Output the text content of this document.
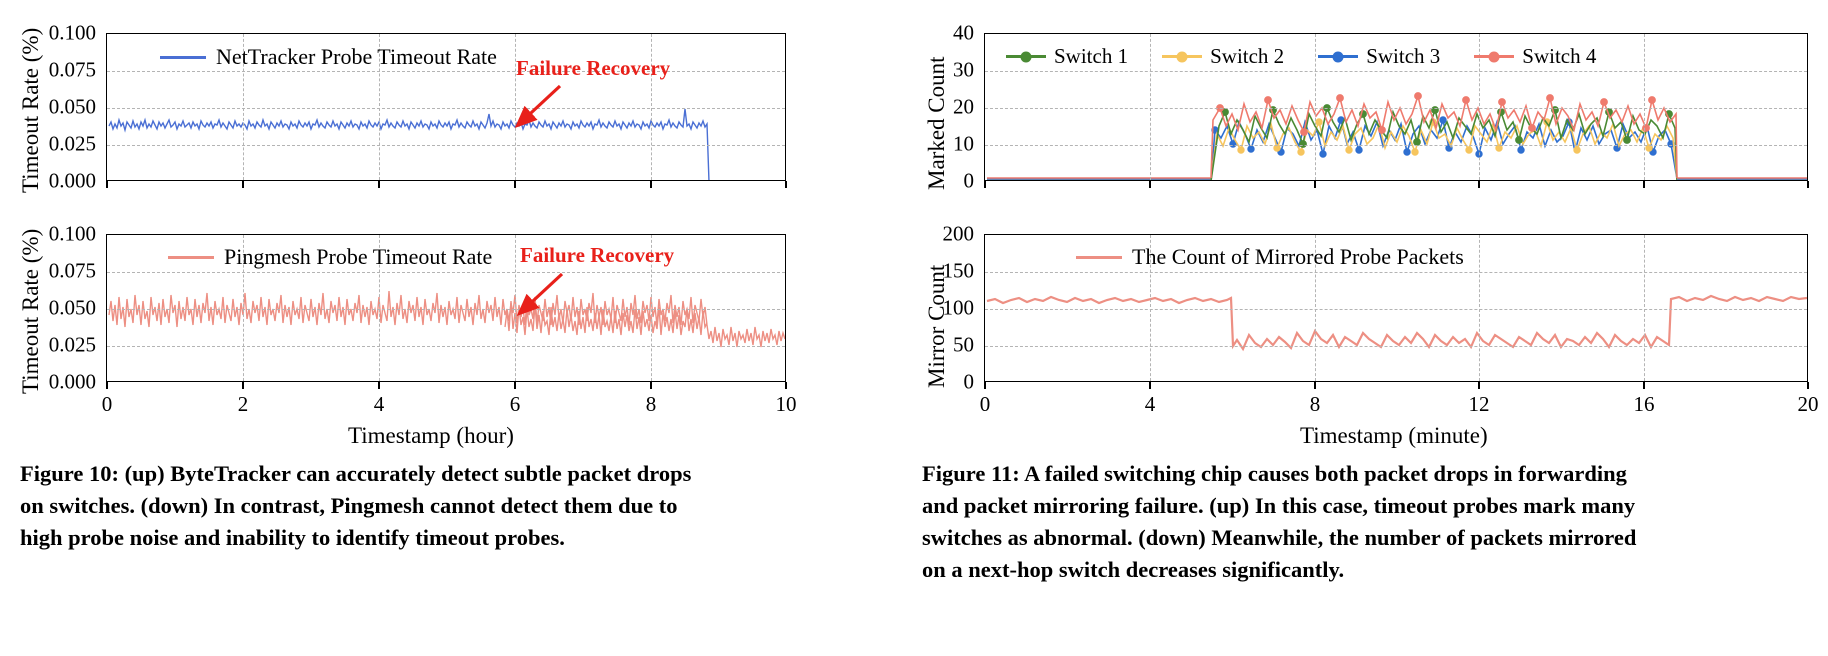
0.100
0.075
0.050
0.025
0.000
Timeout Rate (%)	NetTracker Probe Timeout Rate Failure Recovery
0.100
0.075
0.050
0.025
0.000
Timeout Rate (%)
0	2	4	6	8	10
Timestamp (hour)
Pingmesh Probe Timeout Rate Failure Recovery
Figure 10: (up) ByteTracker can accurately detect subtle packet drops on switches. (down) In contrast, Pingmesh cannot detect them due to high probe noise and inability to identify timeout probes.
40
30
20
10
0
Marked Count
Switch 1	Switch 2	Switch 3	Switch 4
200
150
100
50
0
Mirror Count
0	4	8	12	16	20
Timestamp (minute)
The Count of Mirrored Probe Packets
Figure 11: A failed switching chip causes both packet drops in forwarding and packet mirroring failure. (up) In this case, timeout probes mark many switches as abnormal. (down) Meanwhile, the number of packets mirrored on a next-hop switch decreases significantly.
